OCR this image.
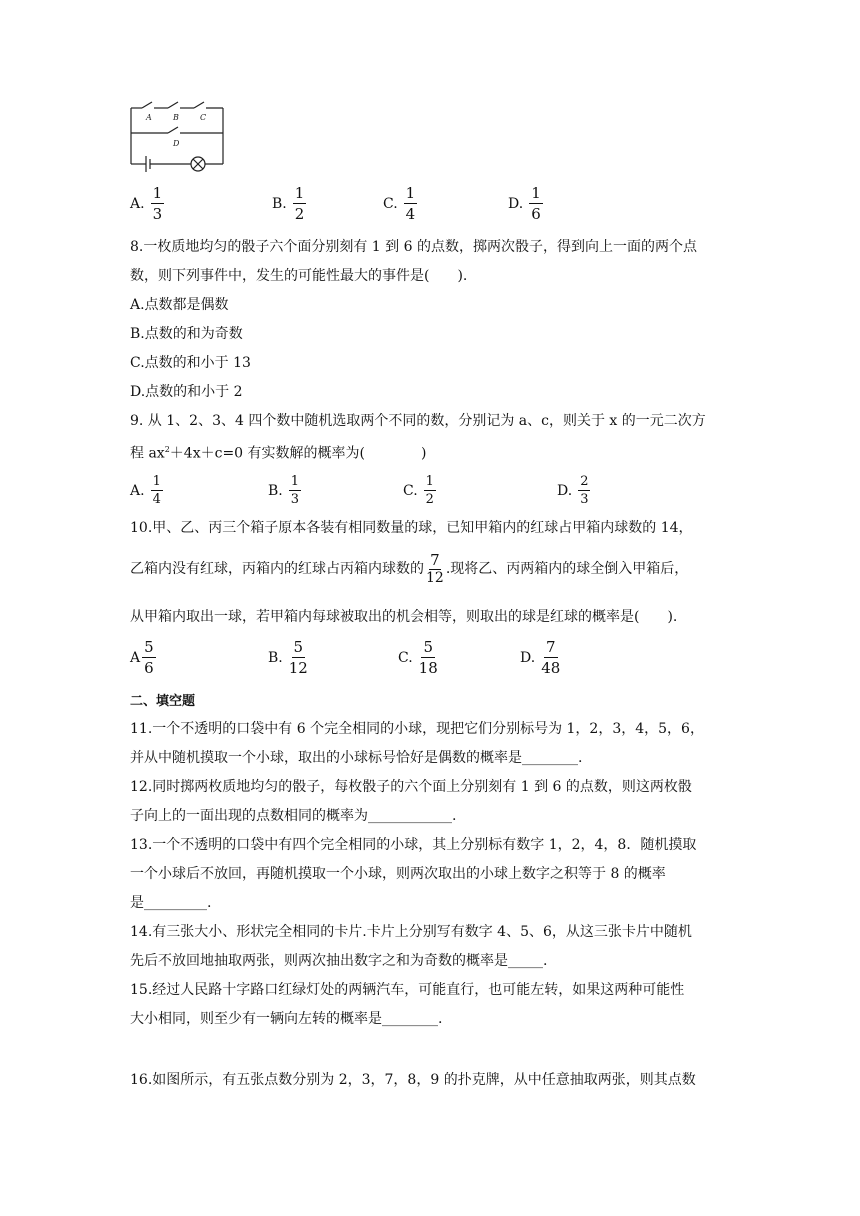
A	B	C
D
A. $\frac{1}{3}$	B. $\frac{1}{2}$	C. $\frac{1}{4}$	D. $\frac{1}{6}$
8.一枚质地均匀的骰子六个面分别刻有 1 到 6 的点数，掷两次骰子，得到向上一面的两个点
数，则下列事件中，发生的可能性最大的事件是(　　).
A.点数都是偶数
B.点数的和为奇数
C.点数的和小于 13
D.点数的和小于 2
9. 从 1、2、3、4 四个数中随机选取两个不同的数，分别记为 a、c，则关于 x 的一元二次方
程 $ax^2+4x+c=0$ 有实数解的概率为(　　　　)
A. $\frac{1}{4}$	B. $\frac{1}{3}$	C. $\frac{1}{2}$	D. $\frac{2}{3}$
10.甲、乙、丙三个箱子原本各装有相同数量的球，已知甲箱内的红球占甲箱内球数的 14，
乙箱内没有红球，丙箱内的红球占丙箱内球数的 $\frac{7}{12}$ .现将乙、丙两箱内的球全倒入甲箱后，
从甲箱内取出一球，若甲箱内每球被取出的机会相等，则取出的球是红球的概率是(　　).
A $\frac{5}{6}$	B. $\frac{5}{12}$	C. $\frac{5}{18}$	D. $\frac{7}{48}$
二、填空题
11.一个不透明的口袋中有 6 个完全相同的小球，现把它们分别标号为 1，2，3，4，5，6，
并从中随机摸取一个小球，取出的小球标号恰好是偶数的概率是________.
12.同时掷两枚质地均匀的骰子，每枚骰子的六个面上分别刻有 1 到 6 的点数，则这两枚骰
子向上的一面出现的点数相同的概率为____________.
13.一个不透明的口袋中有四个完全相同的小球，其上分别标有数字 1，2，4，8．随机摸取
一个小球后不放回，再随机摸取一个小球，则两次取出的小球上数字之积等于 8 的概率
是_________.
14.有三张大小、形状完全相同的卡片.卡片上分别写有数字 4、5、6，从这三张卡片中随机
先后不放回地抽取两张，则两次抽出数字之和为奇数的概率是_____.
15.经过人民路十字路口红绿灯处的两辆汽车，可能直行，也可能左转，如果这两种可能性
大小相同，则至少有一辆向左转的概率是________.
16.如图所示，有五张点数分别为 2，3，7，8，9 的扑克牌，从中任意抽取两张，则其点数
